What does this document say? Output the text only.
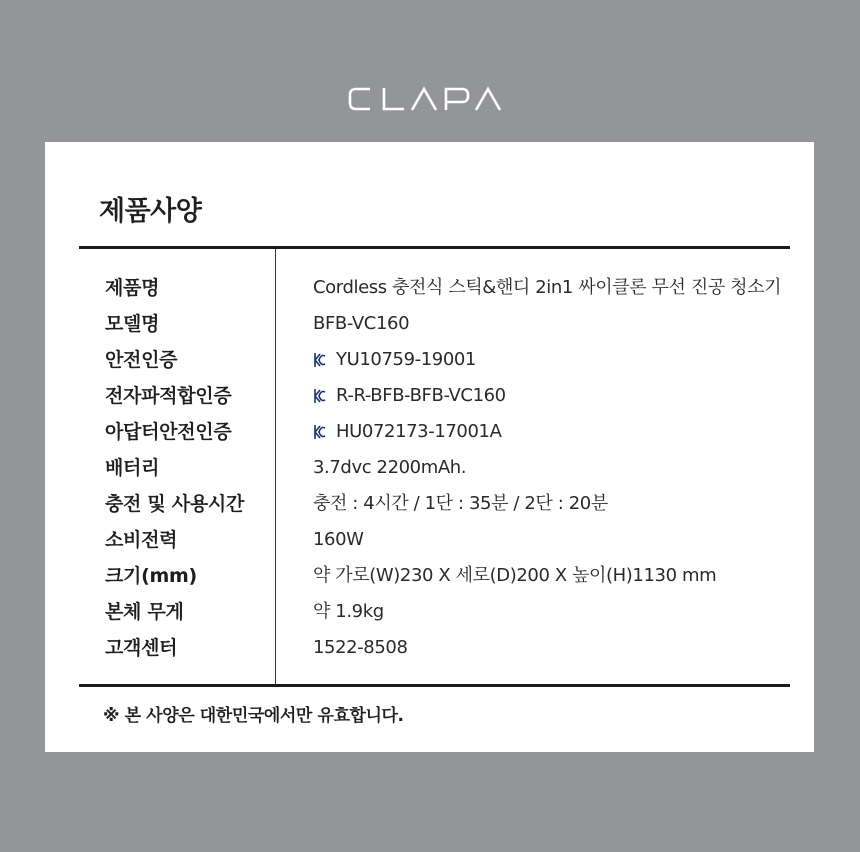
제품사양
제품명	Cordless 충전식 스틱&핸디 2in1 싸이클론 무선 진공 청소기
모델명	BFB-VC160
안전인증	YU10759-19001
전자파적합인증	R-R-BFB-BFB-VC160
아답터안전인증	HU072173-17001A
배터리	3.7dvc 2200mAh.
충전 및 사용시간	충전 : 4시간 / 1단 : 35분 / 2단 : 20분
소비전력	160W
크기(mm)	약 가로(W)230 X 세로(D)200 X 높이(H)1130 mm
본체 무게	약 1.9kg
고객센터	1522-8508
※ 본 사양은 대한민국에서만 유효합니다.
